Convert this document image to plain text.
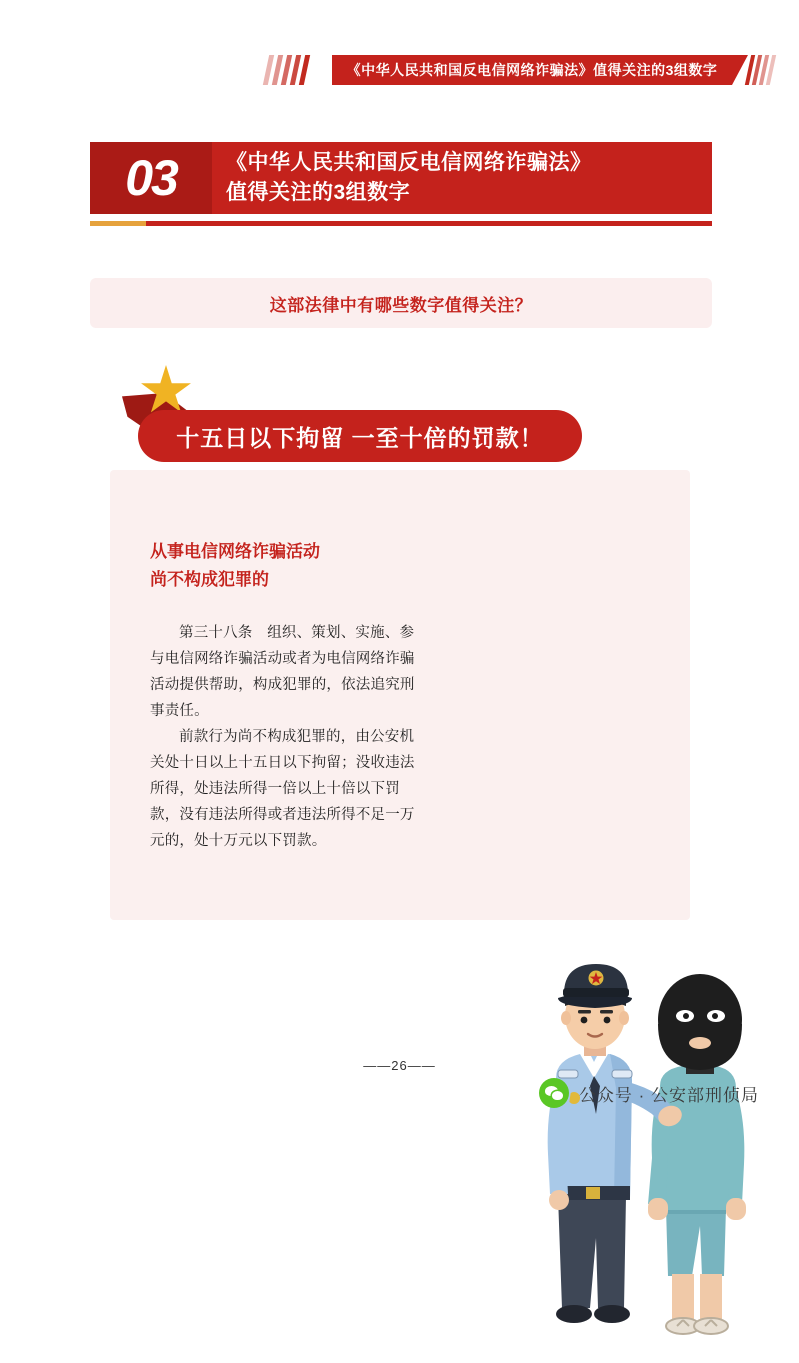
《中华人民共和国反电信网络诈骗法》值得关注的3组数字
03	《中华人民共和国反电信网络诈骗法》
值得关注的3组数字
这部法律中有哪些数字值得关注？
十五日以下拘留 一至十倍的罚款！
从事电信网络诈骗活动
尚不构成犯罪的

第三十八条　组织、策划、实施、参与电信网络诈骗活动或者为电信网络诈骗活动提供帮助，构成犯罪的，依法追究刑事责任。

前款行为尚不构成犯罪的，由公安机关处十日以上十五日以下拘留；没收违法所得，处违法所得一倍以上十倍以下罚款，没有违法所得或者违法所得不足一万元的，处十万元以下罚款。

——26——
公众号 · 公安部刑侦局
